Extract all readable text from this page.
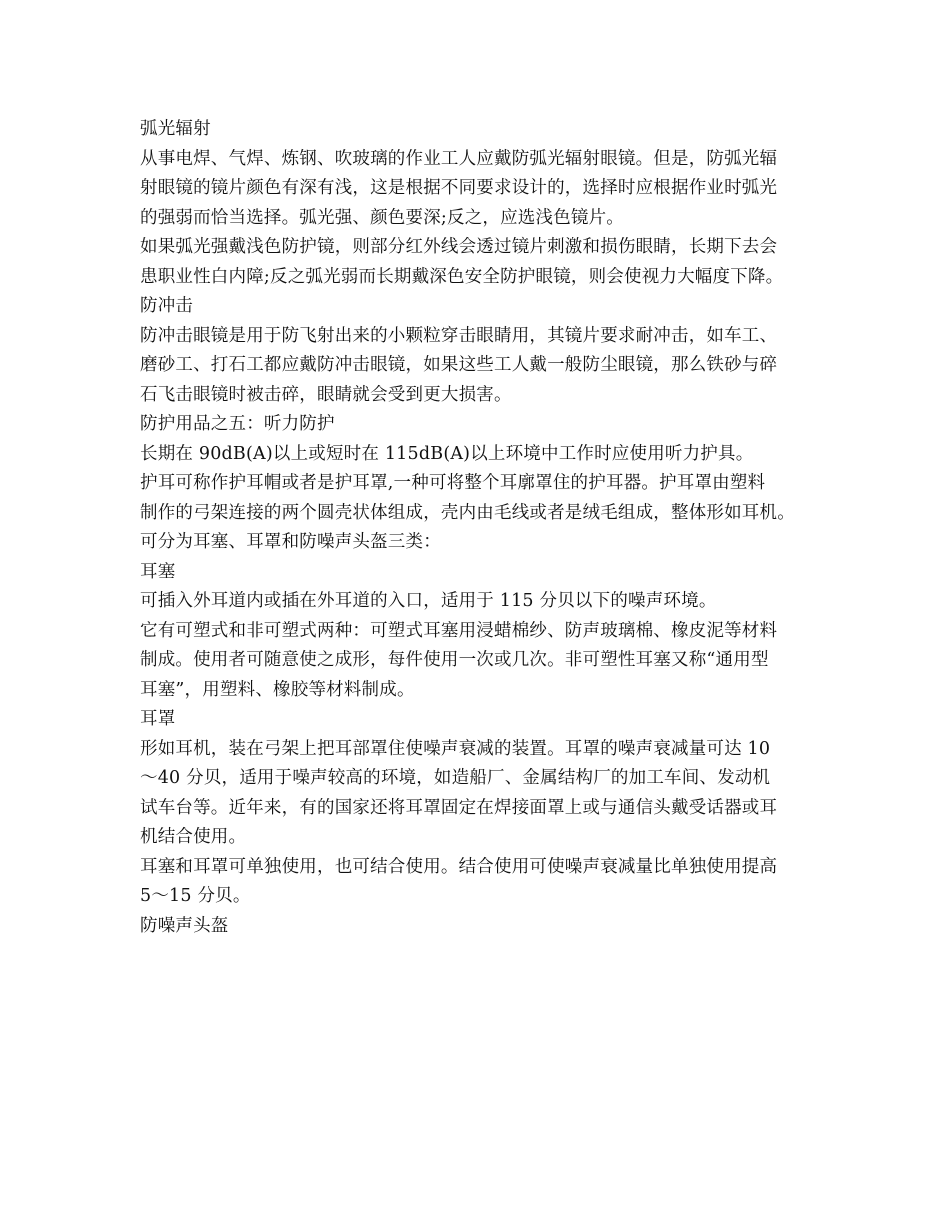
弧光辐射
从事电焊、气焊、炼钢、吹玻璃的作业工人应戴防弧光辐射眼镜。但是，防弧光辐
射眼镜的镜片颜色有深有浅，这是根据不同要求设计的，选择时应根据作业时弧光
的强弱而恰当选择。弧光强、颜色要深;反之，应选浅色镜片。
如果弧光强戴浅色防护镜，则部分红外线会透过镜片刺激和损伤眼睛，长期下去会
患职业性白内障;反之弧光弱而长期戴深色安全防护眼镜，则会使视力大幅度下降。
防冲击
防冲击眼镜是用于防飞射出来的小颗粒穿击眼睛用，其镜片要求耐冲击，如车工、
磨砂工、打石工都应戴防冲击眼镜，如果这些工人戴一般防尘眼镜，那么铁砂与碎
石飞击眼镜时被击碎，眼睛就会受到更大损害。
防护用品之五：听力防护
长期在 90dB(A)以上或短时在 115dB(A)以上环境中工作时应使用听力护具。
护耳可称作护耳帽或者是护耳罩,一种可将整个耳廓罩住的护耳器。护耳罩由塑料
制作的弓架连接的两个圆壳状体组成，壳内由毛线或者是绒毛组成，整体形如耳机。
可分为耳塞、耳罩和防噪声头盔三类：
耳塞
可插入外耳道内或插在外耳道的入口，适用于 115 分贝以下的噪声环境。
它有可塑式和非可塑式两种：可塑式耳塞用浸蜡棉纱、防声玻璃棉、橡皮泥等材料
制成。使用者可随意使之成形，每件使用一次或几次。非可塑性耳塞又称“通用型
耳塞”，用塑料、橡胶等材料制成。
耳罩
形如耳机，装在弓架上把耳部罩住使噪声衰减的装置。耳罩的噪声衰减量可达 10
～40 分贝，适用于噪声较高的环境，如造船厂、金属结构厂的加工车间、发动机
试车台等。近年来，有的国家还将耳罩固定在焊接面罩上或与通信头戴受话器或耳
机结合使用。
耳塞和耳罩可单独使用，也可结合使用。结合使用可使噪声衰减量比单独使用提高
5～15 分贝。
防噪声头盔
